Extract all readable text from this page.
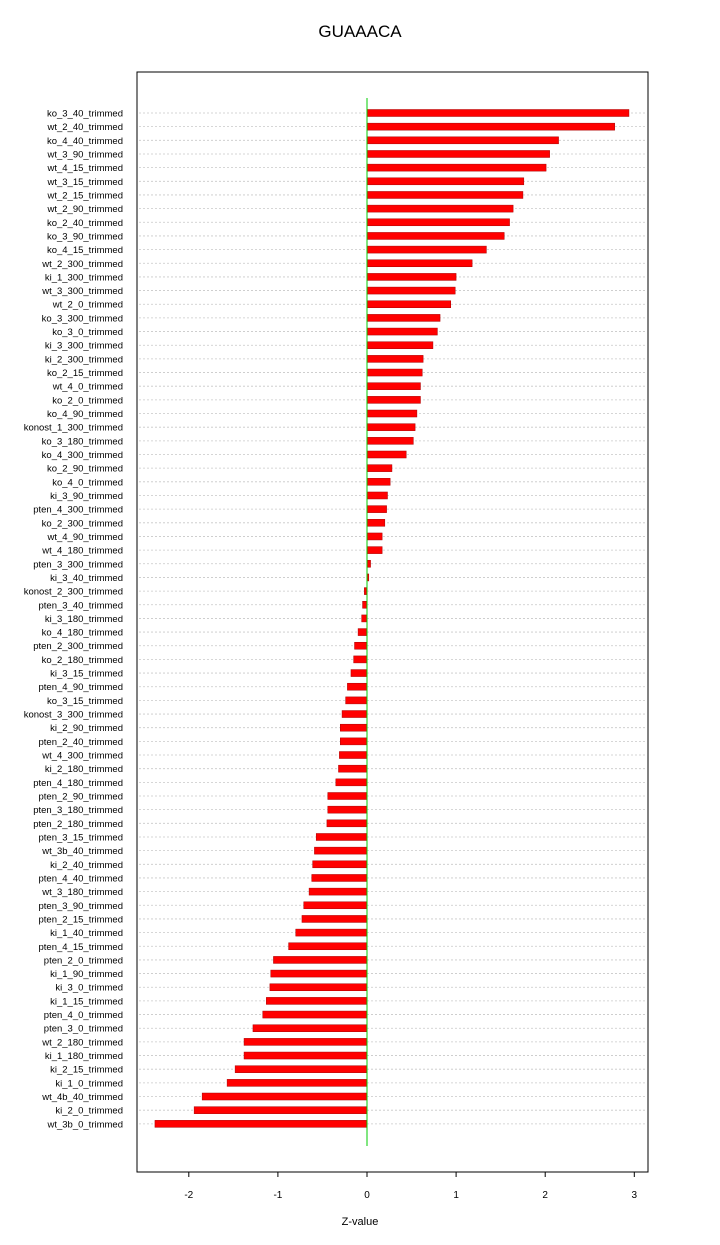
GUAAACA
ko_3_40_trimmed
wt_2_40_trimmed
ko_4_40_trimmed
wt_3_90_trimmed
wt_4_15_trimmed
wt_3_15_trimmed
wt_2_15_trimmed
wt_2_90_trimmed
ko_2_40_trimmed
ko_3_90_trimmed
ko_4_15_trimmed
wt_2_300_trimmed
ki_1_300_trimmed
wt_3_300_trimmed
wt_2_0_trimmed
ko_3_300_trimmed
ko_3_0_trimmed
ki_3_300_trimmed
ki_2_300_trimmed
ko_2_15_trimmed
wt_4_0_trimmed
ko_2_0_trimmed
ko_4_90_trimmed
konost_1_300_trimmed
ko_3_180_trimmed
ko_4_300_trimmed
ko_2_90_trimmed
ko_4_0_trimmed
ki_3_90_trimmed
pten_4_300_trimmed
ko_2_300_trimmed
wt_4_90_trimmed
wt_4_180_trimmed
pten_3_300_trimmed
ki_3_40_trimmed
konost_2_300_trimmed
pten_3_40_trimmed
ki_3_180_trimmed
ko_4_180_trimmed
pten_2_300_trimmed
ko_2_180_trimmed
ki_3_15_trimmed
pten_4_90_trimmed
ko_3_15_trimmed
konost_3_300_trimmed
ki_2_90_trimmed
pten_2_40_trimmed
wt_4_300_trimmed
ki_2_180_trimmed
pten_4_180_trimmed
pten_2_90_trimmed
pten_3_180_trimmed
pten_2_180_trimmed
pten_3_15_trimmed
wt_3b_40_trimmed
ki_2_40_trimmed
pten_4_40_trimmed
wt_3_180_trimmed
pten_3_90_trimmed
pten_2_15_trimmed
ki_1_40_trimmed
pten_4_15_trimmed
pten_2_0_trimmed
ki_1_90_trimmed
ki_3_0_trimmed
ki_1_15_trimmed
pten_4_0_trimmed
pten_3_0_trimmed
wt_2_180_trimmed
ki_1_180_trimmed
ki_2_15_trimmed
ki_1_0_trimmed
wt_4b_40_trimmed
ki_2_0_trimmed
wt_3b_0_trimmed
-2	-1	0	1	2	3
Z-value
